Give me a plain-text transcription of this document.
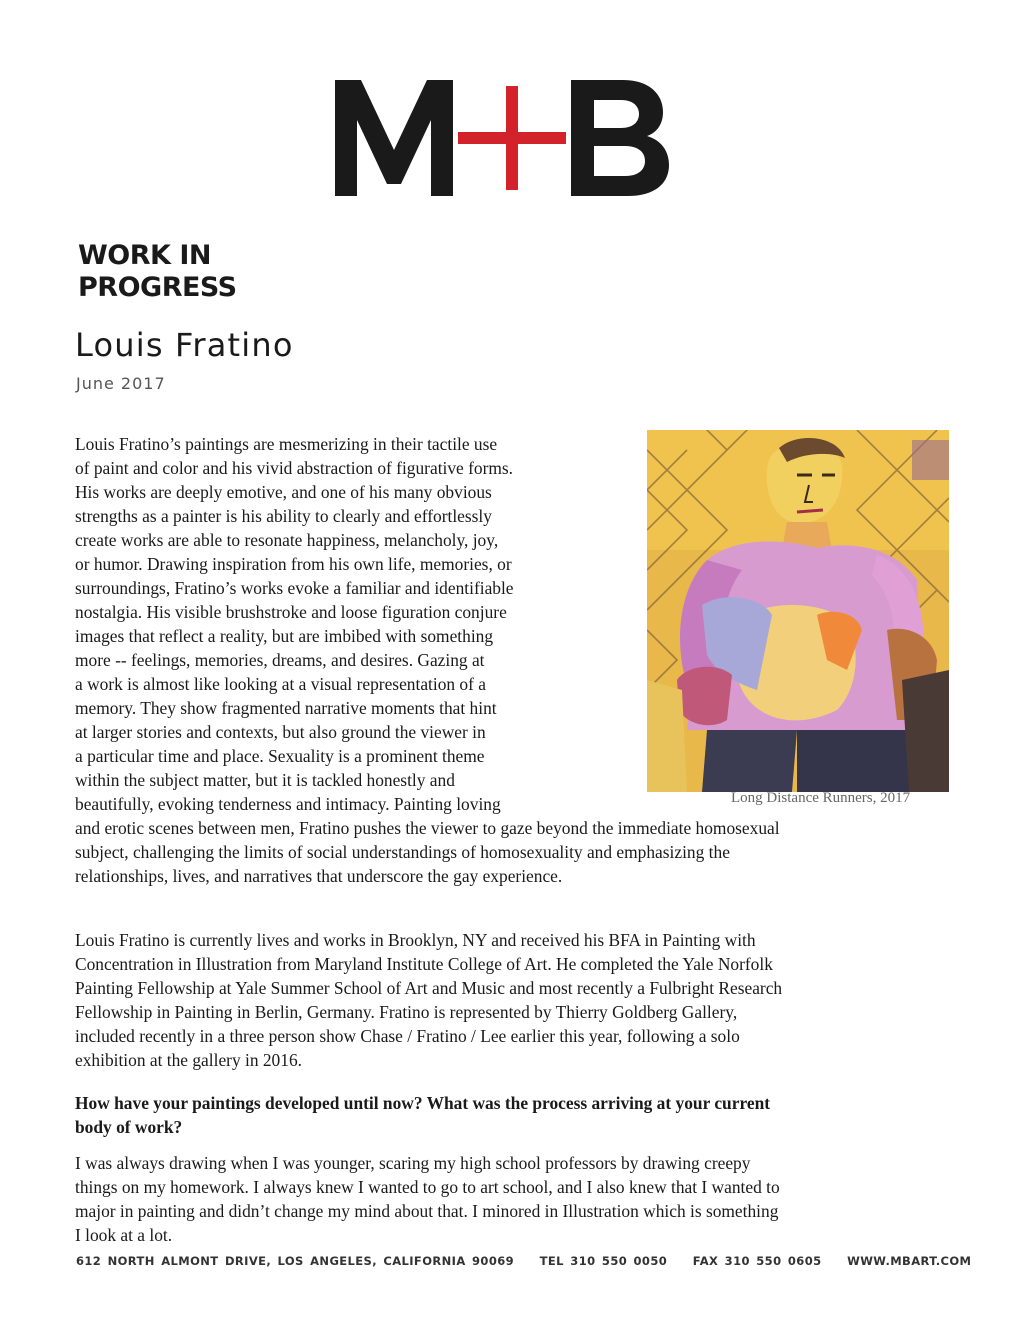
WORK IN
PROGRESS
Louis Fratino
June 2017
Louis Fratino’s paintings are mesmerizing in their tactile use
of paint and color and his vivid abstraction of figurative forms.
His works are deeply emotive, and one of his many obvious
strengths as a painter is his ability to clearly and effortlessly
create works are able to resonate happiness, melancholy, joy,
or humor. Drawing inspiration from his own life, memories, or
surroundings, Fratino’s works evoke a familiar and identifiable
nostalgia. His visible brushstroke and loose figuration conjure
images that reflect a reality, but are imbibed with something
more -- feelings, memories, dreams, and desires. Gazing at
a work is almost like looking at a visual representation of a
memory. They show fragmented narrative moments that hint
at larger stories and contexts, but also ground the viewer in
a particular time and place. Sexuality is a prominent theme
within the subject matter, but it is tackled honestly and
beautifully, evoking tenderness and intimacy. Painting loving	Long Distance Runners, 2017
and erotic scenes between men, Fratino pushes the viewer to gaze beyond the immediate homosexual
subject, challenging the limits of social understandings of homosexuality and emphasizing the
relationships, lives, and narratives that underscore the gay experience.
Louis Fratino is currently lives and works in Brooklyn, NY and received his BFA in Painting with
Concentration in Illustration from Maryland Institute College of Art. He completed the Yale Norfolk
Painting Fellowship at Yale Summer School of Art and Music and most recently a Fulbright Research
Fellowship in Painting in Berlin, Germany. Fratino is represented by Thierry Goldberg Gallery,
included recently in a three person show Chase / Fratino / Lee earlier this year, following a solo
exhibition at the gallery in 2016.
How have your paintings developed until now? What was the process arriving at your current
body of work?
I was always drawing when I was younger, scaring my high school professors by drawing creepy
things on my homework. I always knew I wanted to go to art school, and I also knew that I wanted to
major in painting and didn’t change my mind about that. I minored in Illustration which is something
I look at a lot.
612 NORTH ALMONT DRIVE, LOS ANGELES, CALIFORNIA 90069 TEL 310 550 0050 FAX 310 550 0605 WWW.MBART.COM
